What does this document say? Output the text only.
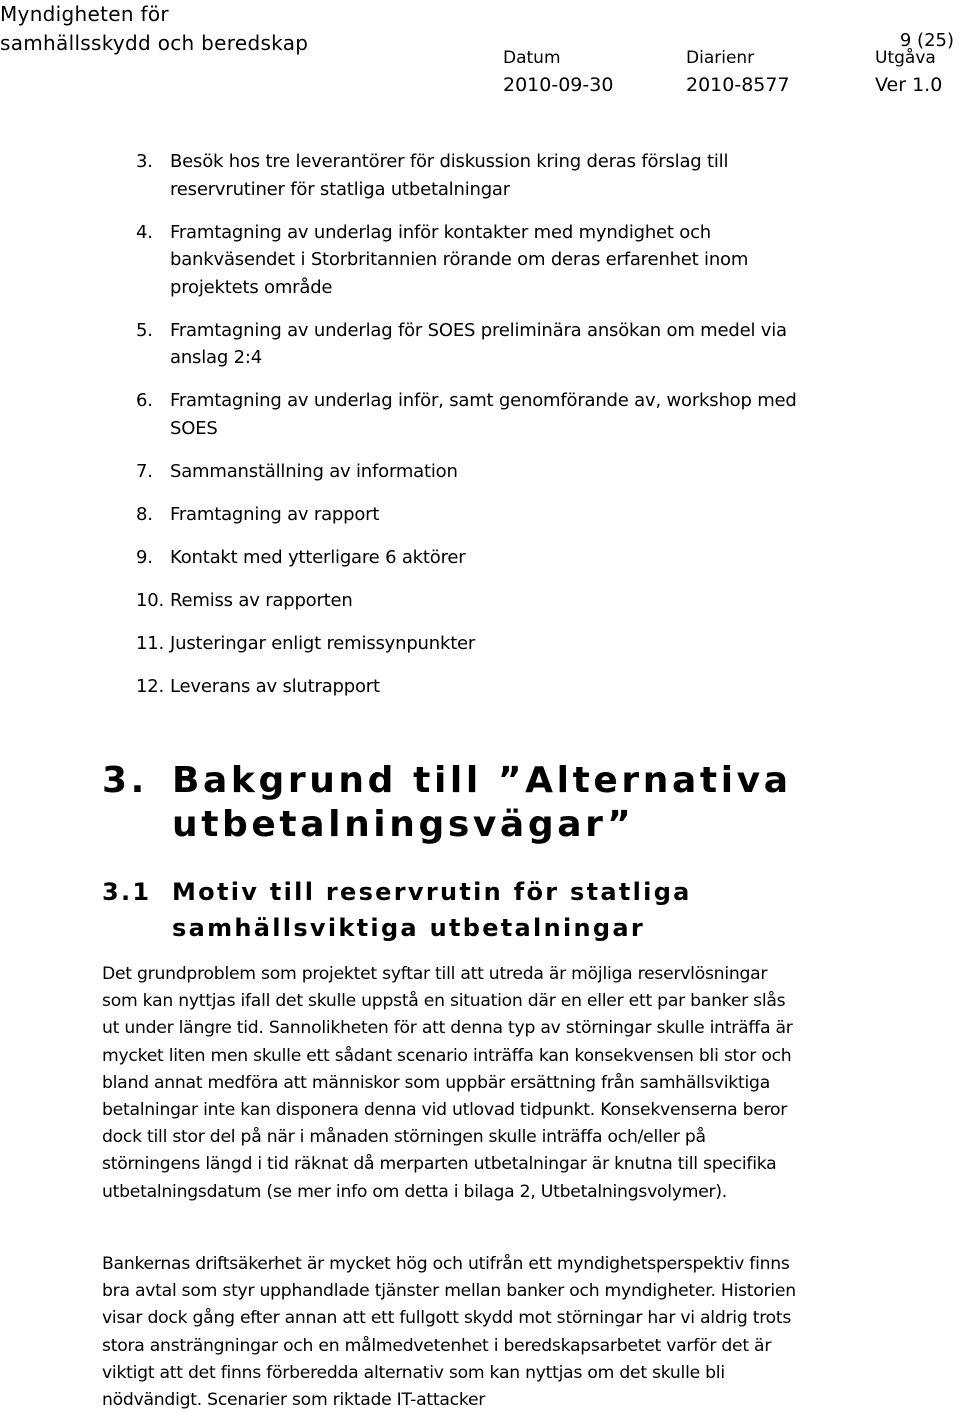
Myndigheten för
samhällsskydd och beredskap	9 (25)
Datum
2010-09-30
Diarienr
2010-8577
Utgåva
Ver 1.0
3. Besök hos tre leverantörer för diskussion kring deras förslag till reservrutiner för statliga utbetalningar
4. Framtagning av underlag inför kontakter med myndighet och bankväsendet i Storbritannien rörande om deras erfarenhet inom projektets område
5. Framtagning av underlag för SOES preliminära ansökan om medel via anslag 2:4
6. Framtagning av underlag inför, samt genomförande av, workshop med SOES
7. Sammanställning av information
8. Framtagning av rapport
9. Kontakt med ytterligare 6 aktörer
10. Remiss av rapporten
11. Justeringar enligt remissynpunkter
12. Leverans av slutrapport
3. Bakgrund till ”Alternativa
utbetalningsvägar”
3.1 Motiv till reservrutin för statliga
samhällsviktiga utbetalningar

Det grundproblem som projektet syftar till att utreda är möjliga reservlösningar som kan nyttjas ifall det skulle uppstå en situation där en eller ett par banker slås ut under längre tid. Sannolikheten för att denna typ av störningar skulle inträffa är mycket liten men skulle ett sådant scenario inträffa kan konsekvensen bli stor och bland annat medföra att människor som uppbär ersättning från samhällsviktiga betalningar inte kan disponera denna vid utlovad tidpunkt. Konsekvenserna beror dock till stor del på när i månaden störningen skulle inträffa och/eller på störningens längd i tid räknat då merparten utbetalningar är knutna till specifika utbetalningsdatum (se mer info om detta i bilaga 2, Utbetalningsvolymer).

Bankernas driftsäkerhet är mycket hög och utifrån ett myndighetsperspektiv finns bra avtal som styr upphandlade tjänster mellan banker och myndigheter. Historien visar dock gång efter annan att ett fullgott skydd mot störningar har vi aldrig trots stora ansträngningar och en målmedvetenhet i beredskapsarbetet varför det är viktigt att det finns förberedda alternativ som kan nyttjas om det skulle bli nödvändigt. Scenarier som riktade IT-attacker
